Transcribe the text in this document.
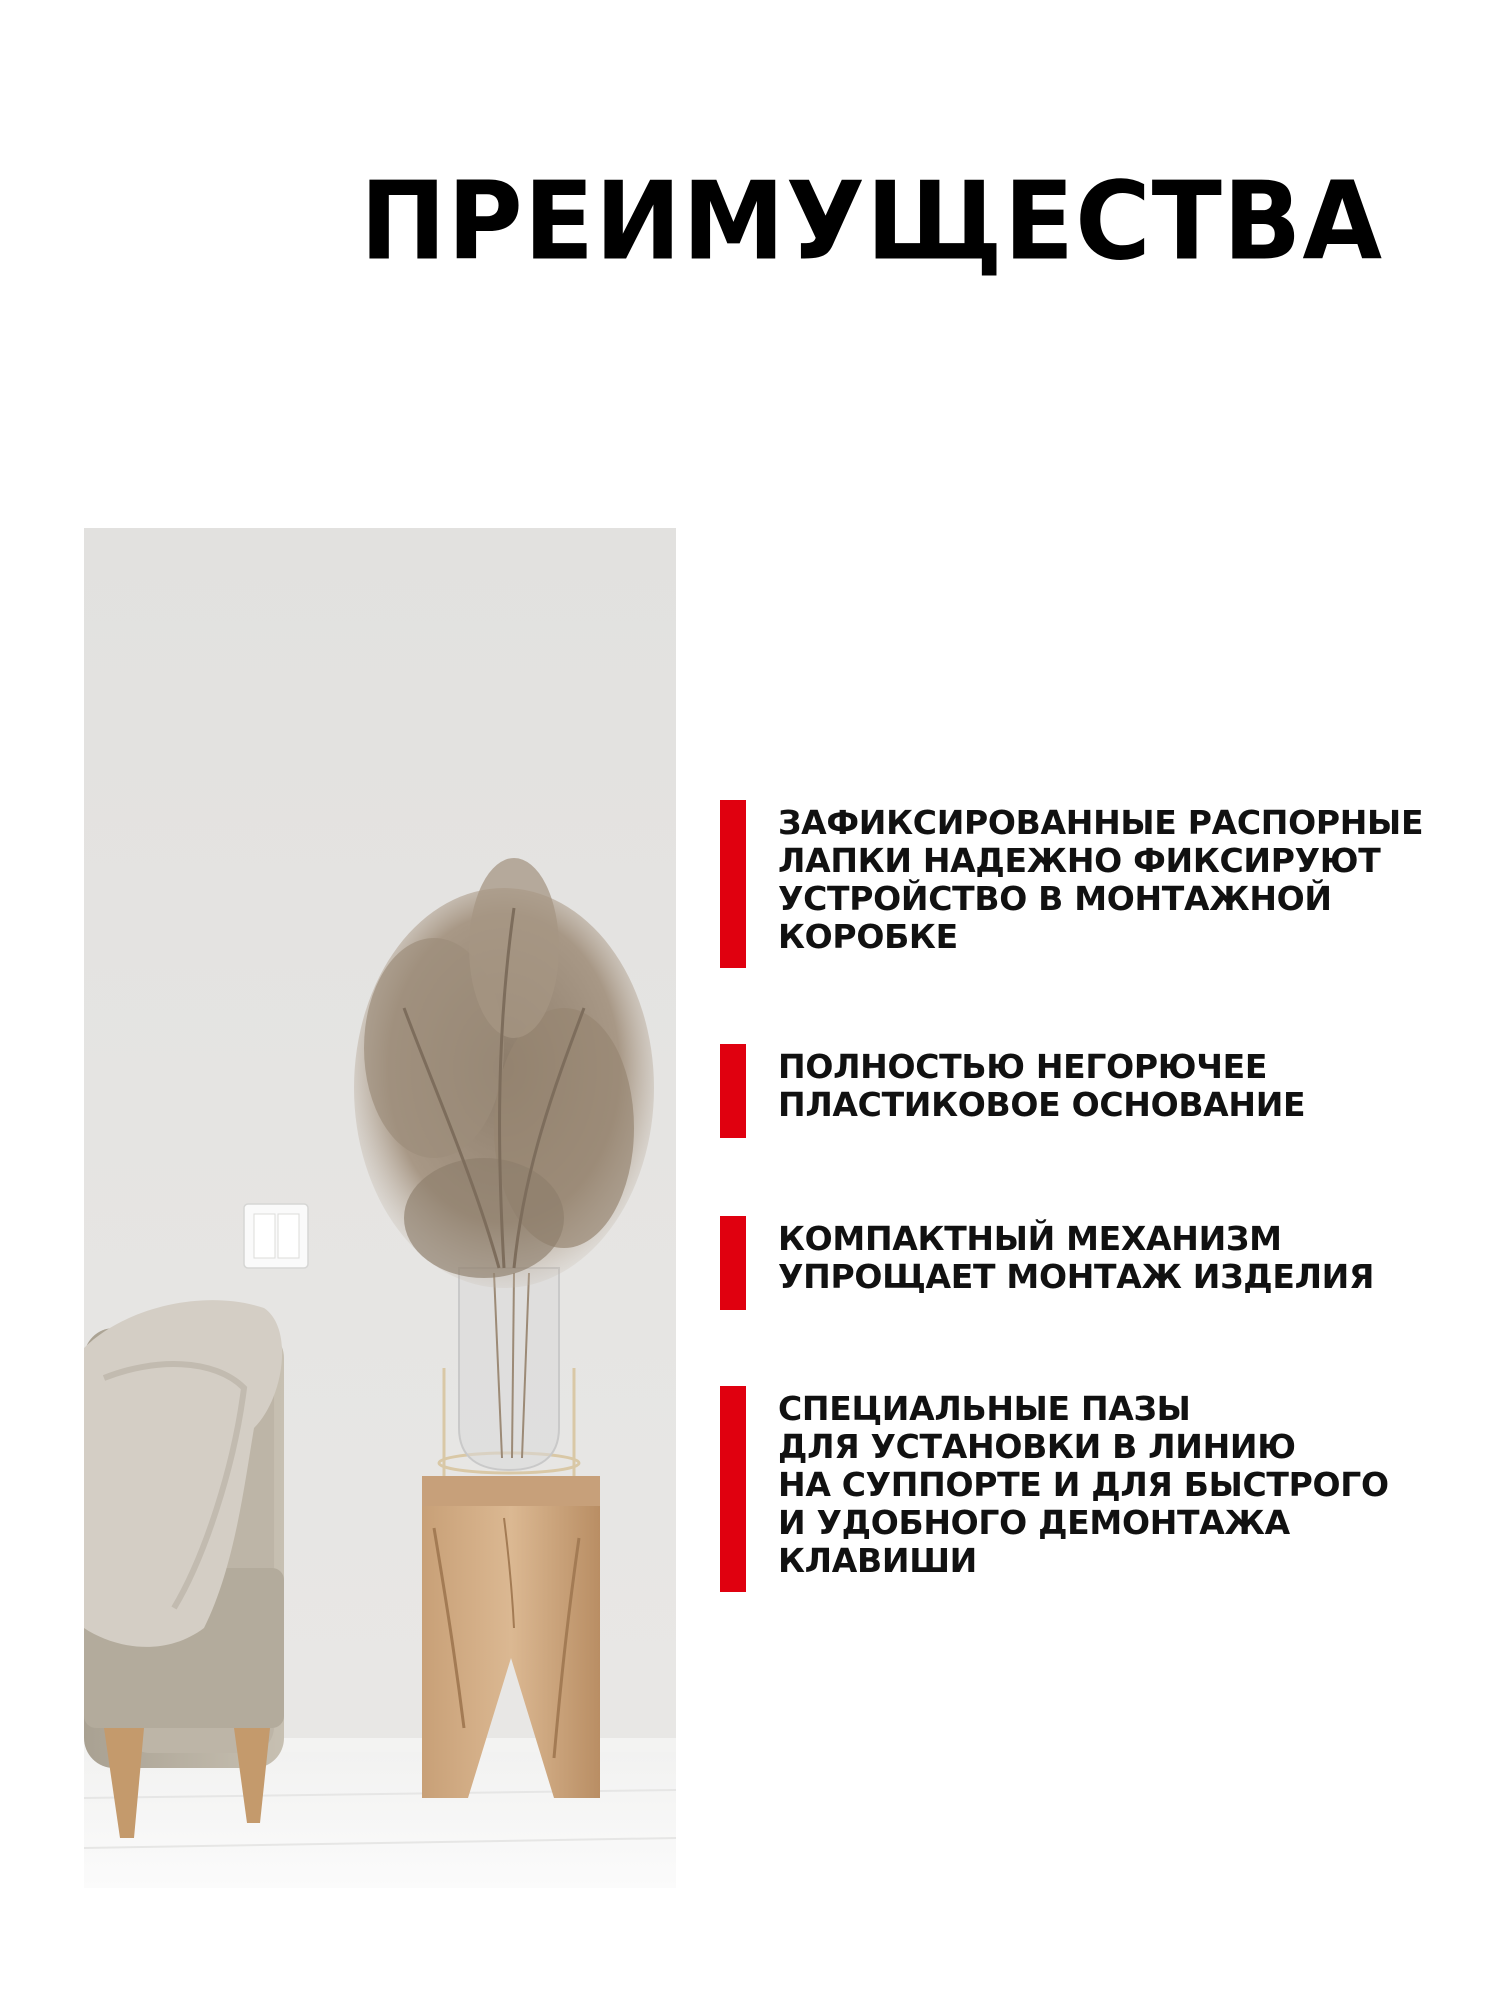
ПРЕИМУЩЕСТВА
ЗАФИКСИРОВАННЫЕ РАСПОРНЫЕ
ЛАПКИ НАДЕЖНО ФИКСИРУЮТ
УСТРОЙСТВО В МОНТАЖНОЙ
КОРОБКЕ
ПОЛНОСТЬЮ НЕГОРЮЧЕЕ
ПЛАСТИКОВОЕ ОСНОВАНИЕ
КОМПАКТНЫЙ МЕХАНИЗМ
УПРОЩАЕТ МОНТАЖ ИЗДЕЛИЯ
СПЕЦИАЛЬНЫЕ ПАЗЫ
ДЛЯ УСТАНОВКИ В ЛИНИЮ
НА СУППОРТЕ И ДЛЯ БЫСТРОГО
И УДОБНОГО ДЕМОНТАЖА
КЛАВИШИ
